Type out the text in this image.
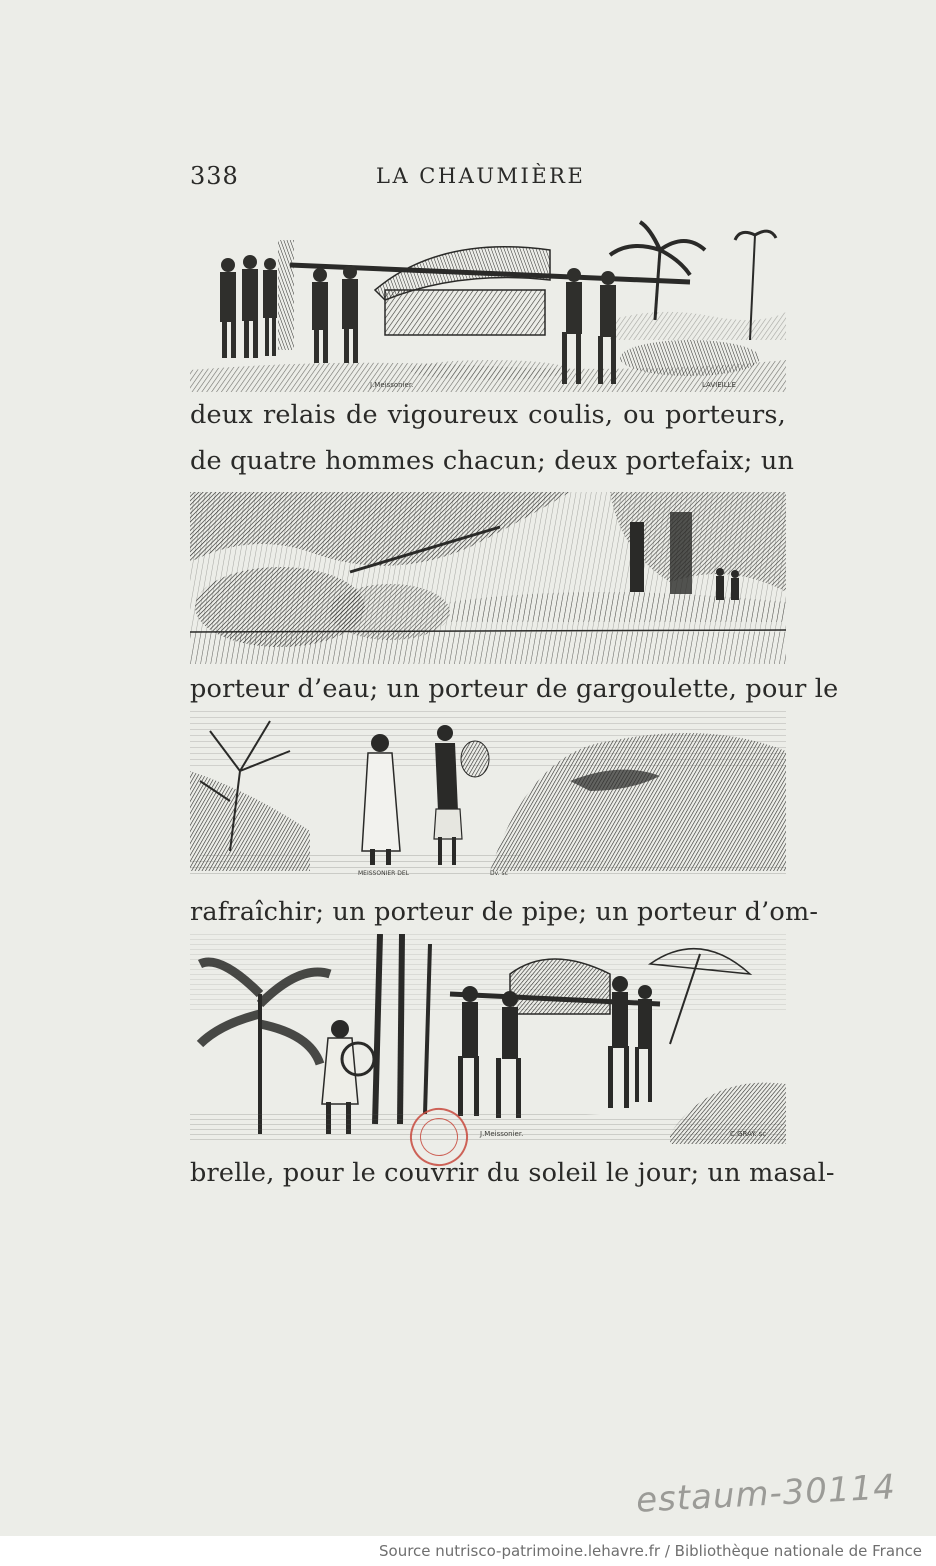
338	LA CHAUMIÈRE
J.Meissonier.	LAVIEILLE
deux relais de vigoureux coulis, ou porteurs,
de quatre hommes chacun; deux portefaix; un
porteur d’eau; un porteur de gargoulette, pour le
MEISSONIER DEL	Dv. sc
rafraîchir; un porteur de pipe; un porteur d’om-
J.Meissonier.	C.GRAY. sc
brelle, pour le couvrir du soleil le jour; un masal-
estaum-30114
Source nutrisco-patrimoine.lehavre.fr / Bibliothèque nationale de France
